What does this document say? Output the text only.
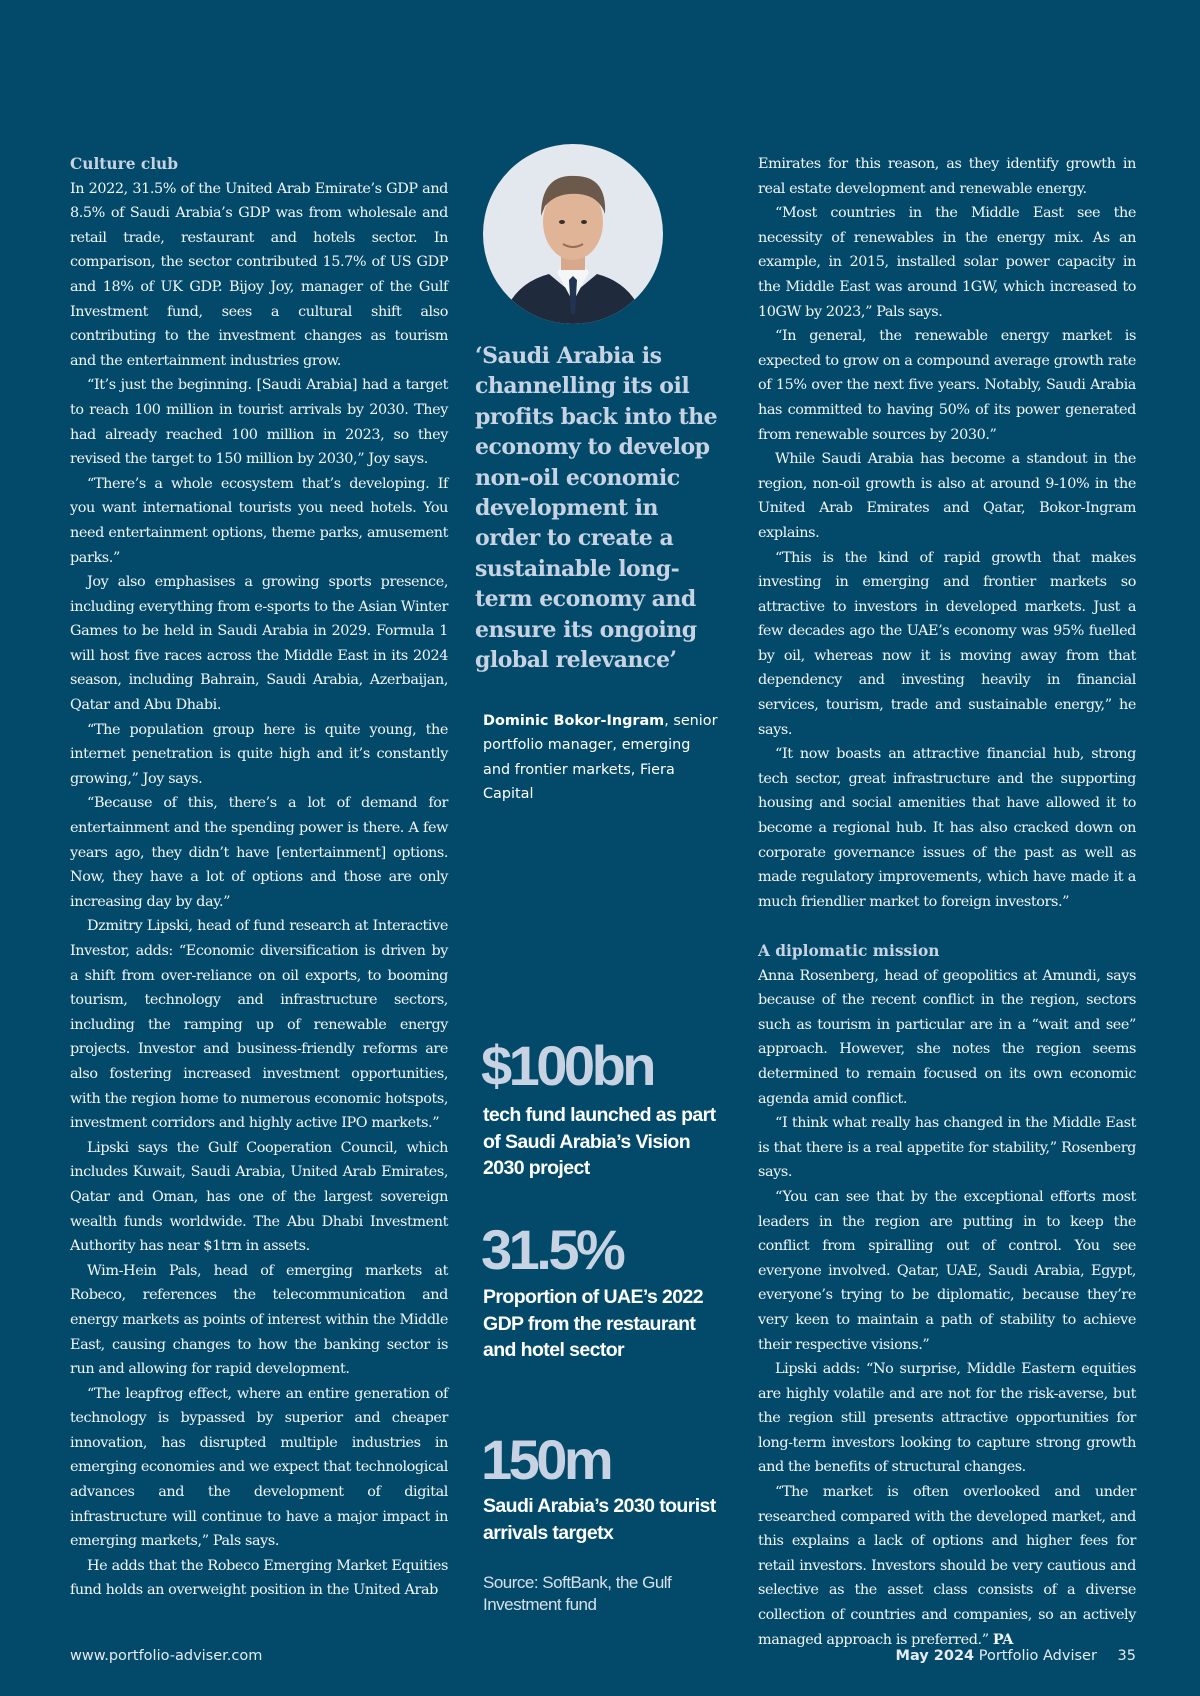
Culture club

In 2022, 31.5% of the United Arab Emirate’s GDP and 8.5% of Saudi Arabia’s GDP was from wholesale and retail trade, restaurant and hotels sector. In comparison, the sector contributed 15.7% of US GDP and 18% of UK GDP. Bijoy Joy, manager of the Gulf Investment fund, sees a cultural shift also contributing to the investment changes as tourism and the entertainment industries grow.

“It’s just the beginning. [Saudi Arabia] had a target to reach 100 million in tourist arrivals by 2030. They had already reached 100 million in 2023, so they revised the target to 150 million by 2030,” Joy says.

“There’s a whole ecosystem that’s developing. If you want international tourists you need hotels. You need entertainment options, theme parks, amusement parks.”

Joy also emphasises a growing sports presence, including everything from e-sports to the Asian Winter Games to be held in Saudi Arabia in 2029. Formula 1 will host five races across the Middle East in its 2024 season, including Bahrain, Saudi Arabia, Azerbaijan, Qatar and Abu Dhabi.

“The population group here is quite young, the internet penetration is quite high and it’s constantly growing,” Joy says.

“Because of this, there’s a lot of demand for entertainment and the spending power is there. A few years ago, they didn’t have [entertainment] options. Now, they have a lot of options and those are only increasing day by day.”

Dzmitry Lipski, head of fund research at Interactive Investor, adds: “Economic diversification is driven by a shift from over-reliance on oil exports, to booming tourism, technology and infrastructure sectors, including the ramping up of renewable energy projects. Investor and business-friendly reforms are also fostering increased investment opportunities, with the region home to numerous economic hotspots, investment corridors and highly active IPO markets.”

Lipski says the Gulf Cooperation Council, which includes Kuwait, Saudi Arabia, United Arab Emirates, Qatar and Oman, has one of the largest sovereign wealth funds worldwide. The Abu Dhabi Investment Authority has near $1trn in assets.

Wim-Hein Pals, head of emerging markets at Robeco, references the telecommunication and energy markets as points of interest within the Middle East, causing changes to how the banking sector is run and allowing for rapid development.

“The leapfrog effect, where an entire generation of technology is bypassed by superior and cheaper innovation, has disrupted multiple industries in emerging economies and we expect that technological advances and the development of digital infrastructure will continue to have a major impact in emerging markets,” Pals says.

He adds that the Robeco Emerging Market Equities fund holds an overweight position in the United Arab

‘Saudi Arabia is channelling its oil profits back into the economy to develop non-oil economic development in order to create a sustainable long-term economy and ensure its ongoing global relevance’

Dominic Bokor-Ingram, senior portfolio manager, emerging and frontier markets, Fiera Capital

$100bn

tech fund launched as part of Saudi Arabia’s Vision 2030 project

31.5%

Proportion of UAE’s 2022 GDP from the restaurant and hotel sector

150m

Saudi Arabia’s 2030 tourist arrivals targetx

Source: SoftBank, the Gulf Investment fund

Emirates for this reason, as they identify growth in real estate development and renewable energy.

“Most countries in the Middle East see the necessity of renewables in the energy mix. As an example, in 2015, installed solar power capacity in the Middle East was around 1GW, which increased to 10GW by 2023,” Pals says.

“In general, the renewable energy market is expected to grow on a compound average growth rate of 15% over the next five years. Notably, Saudi Arabia has committed to having 50% of its power generated from renewable sources by 2030.”

While Saudi Arabia has become a standout in the region, non-oil growth is also at around 9-10% in the United Arab Emirates and Qatar, Bokor-Ingram explains.

“This is the kind of rapid growth that makes investing in emerging and frontier markets so attractive to investors in developed markets. Just a few decades ago the UAE’s economy was 95% fuelled by oil, whereas now it is moving away from that dependency and investing heavily in financial services, tourism, trade and sustainable energy,” he says.

“It now boasts an attractive financial hub, strong tech sector, great infrastructure and the supporting housing and social amenities that have allowed it to become a regional hub. It has also cracked down on corporate governance issues of the past as well as made regulatory improvements, which have made it a much friendlier market to foreign investors.”

A diplomatic mission

Anna Rosenberg, head of geopolitics at Amundi, says because of the recent conflict in the region, sectors such as tourism in particular are in a “wait and see” approach. However, she notes the region seems determined to remain focused on its own economic agenda amid conflict.

“I think what really has changed in the Middle East is that there is a real appetite for stability,” Rosenberg says.

“You can see that by the exceptional efforts most leaders in the region are putting in to keep the conflict from spiralling out of control. You see everyone involved. Qatar, UAE, Saudi Arabia, Egypt, everyone’s trying to be diplomatic, because they’re very keen to maintain a path of stability to achieve their respective visions.”

Lipski adds: “No surprise, Middle Eastern equities are highly volatile and are not for the risk-averse, but the region still presents attractive opportunities for long-term investors looking to capture strong growth and the benefits of structural changes.

“The market is often overlooked and under researched compared with the developed market, and this explains a lack of options and higher fees for retail investors. Investors should be very cautious and selective as the asset class consists of a diverse collection of countries and companies, so an actively managed approach is preferred.” PA

www.portfolio-adviser.com	May 2024 Portfolio Adviser 35
